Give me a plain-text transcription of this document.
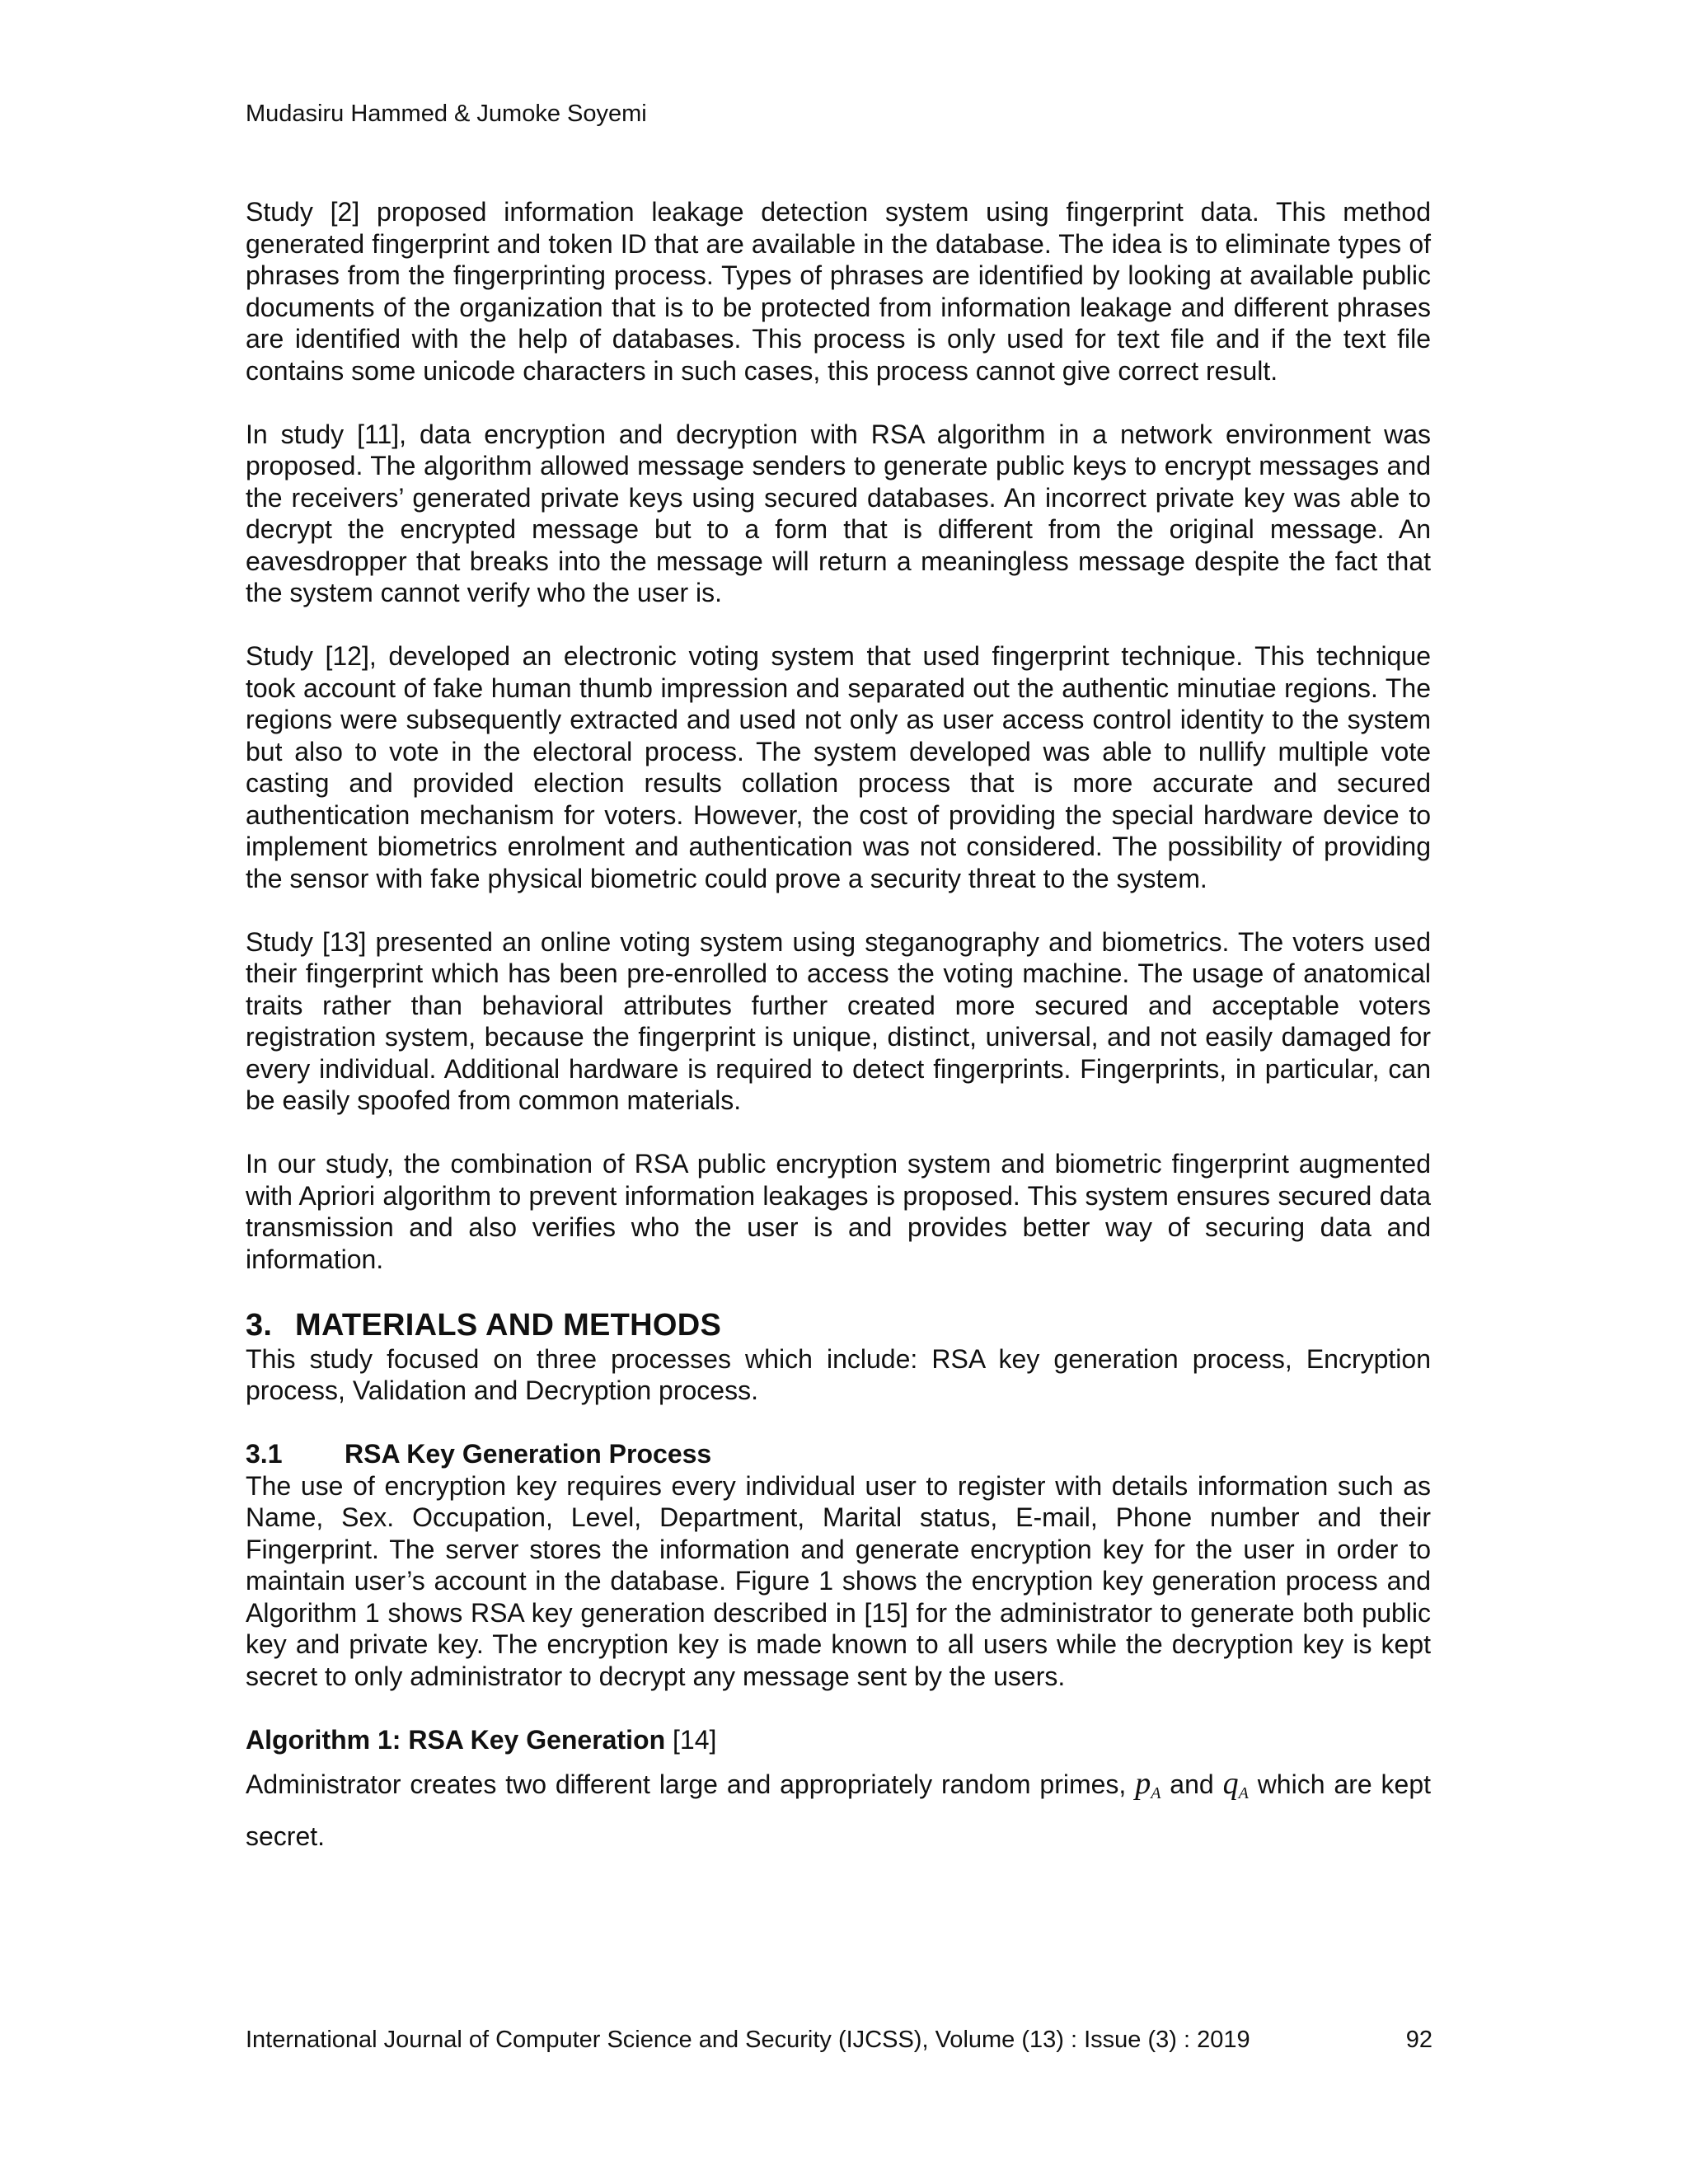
Mudasiru Hammed & Jumoke Soyemi

Study [2] proposed information leakage detection system using fingerprint data. This method generated fingerprint and token ID that are available in the database. The idea is to eliminate types of phrases from the fingerprinting process. Types of phrases are identified by looking at available public documents of the organization that is to be protected from information leakage and different phrases are identified with the help of databases. This process is only used for text file and if the text file contains some unicode characters in such cases, this process cannot give correct result.

In study [11], data encryption and decryption with RSA algorithm in a network environment was proposed. The algorithm allowed message senders to generate public keys to encrypt messages and the receivers’ generated private keys using secured databases. An incorrect private key was able to decrypt the encrypted message but to a form that is different from the original message. An eavesdropper that breaks into the message will return a meaningless message despite the fact that the system cannot verify who the user is.

Study [12], developed an electronic voting system that used fingerprint technique. This technique took account of fake human thumb impression and separated out the authentic minutiae regions. The regions were subsequently extracted and used not only as user access control identity to the system but also to vote in the electoral process. The system developed was able to nullify multiple vote casting and provided election results collation process that is more accurate and secured authentication mechanism for voters. However, the cost of providing the special hardware device to implement biometrics enrolment and authentication was not considered. The possibility of providing the sensor with fake physical biometric could prove a security threat to the system.

Study [13] presented an online voting system using steganography and biometrics. The voters used their fingerprint which has been pre-enrolled to access the voting machine. The usage of anatomical traits rather than behavioral attributes further created more secured and acceptable voters registration system, because the fingerprint is unique, distinct, universal, and not easily damaged for every individual. Additional hardware is required to detect fingerprints. Fingerprints, in particular, can be easily spoofed from common materials.

In our study, the combination of RSA public encryption system and biometric fingerprint augmented with Apriori algorithm to prevent information leakages is proposed. This system ensures secured data transmission and also verifies who the user is and provides better way of securing data and information.

3. MATERIALS AND METHODS

This study focused on three processes which include: RSA key generation process, Encryption process, Validation and Decryption process.

3.1 RSA Key Generation Process

The use of encryption key requires every individual user to register with details information such as Name, Sex. Occupation, Level, Department, Marital status, E-mail, Phone number and their Fingerprint. The server stores the information and generate encryption key for the user in order to maintain user’s account in the database. Figure 1 shows the encryption key generation process and Algorithm 1 shows RSA key generation described in [15] for the administrator to generate both public key and private key. The encryption key is made known to all users while the decryption key is kept secret to only administrator to decrypt any message sent by the users.

Algorithm 1: RSA Key Generation [14]

Administrator creates two different large and appropriately random primes, $p_A$ and $q_A$ which are kept secret.

International Journal of Computer Science and Security (IJCSS), Volume (13) : Issue (3) : 2019	92
